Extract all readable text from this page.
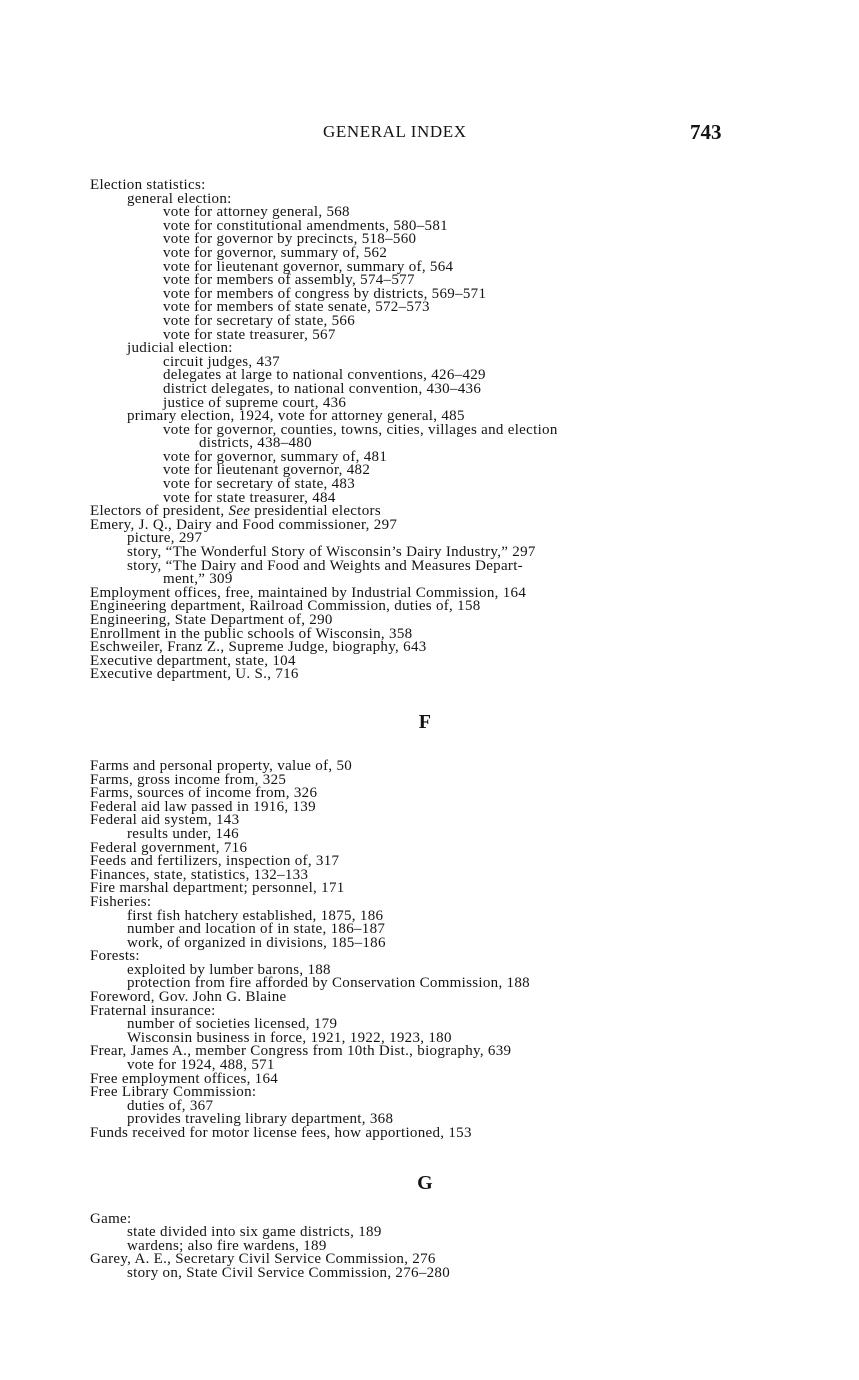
GENERAL INDEX	743
Election statistics:
general election:
vote for attorney general, 568
vote for constitutional amendments, 580–581
vote for governor by precincts, 518–560
vote for governor, summary of, 562
vote for lieutenant governor, summary of, 564
vote for members of assembly, 574–577
vote for members of congress by districts, 569–571
vote for members of state senate, 572–573
vote for secretary of state, 566
vote for state treasurer, 567
judicial election:
circuit judges, 437
delegates at large to national conventions, 426–429
district delegates, to national convention, 430–436
justice of supreme court, 436
primary election, 1924, vote for attorney general, 485
vote for governor, counties, towns, cities, villages and election
districts, 438–480
vote for governor, summary of, 481
vote for lieutenant governor, 482
vote for secretary of state, 483
vote for state treasurer, 484
Electors of president, See presidential electors
Emery, J. Q., Dairy and Food commissioner, 297
picture, 297
story, “The Wonderful Story of Wisconsin’s Dairy Industry,” 297
story, “The Dairy and Food and Weights and Measures Depart-
ment,” 309
Employment offices, free, maintained by Industrial Commission, 164
Engineering department, Railroad Commission, duties of, 158
Engineering, State Department of, 290
Enrollment in the public schools of Wisconsin, 358
Eschweiler, Franz Z., Supreme Judge, biography, 643
Executive department, state, 104
Executive department, U. S., 716
F
Farms and personal property, value of, 50
Farms, gross income from, 325
Farms, sources of income from, 326
Federal aid law passed in 1916, 139
Federal aid system, 143
results under, 146
Federal government, 716
Feeds and fertilizers, inspection of, 317
Finances, state, statistics, 132–133
Fire marshal department; personnel, 171
Fisheries:
first fish hatchery established, 1875, 186
number and location of in state, 186–187
work, of organized in divisions, 185–186
Forests:
exploited by lumber barons, 188
protection from fire afforded by Conservation Commission, 188
Foreword, Gov. John G. Blaine
Fraternal insurance:
number of societies licensed, 179
Wisconsin business in force, 1921, 1922, 1923, 180
Frear, James A., member Congress from 10th Dist., biography, 639
vote for 1924, 488, 571
Free employment offices, 164
Free Library Commission:
duties of, 367
provides traveling library department, 368
Funds received for motor license fees, how apportioned, 153
G
Game:
state divided into six game districts, 189
wardens; also fire wardens, 189
Garey, A. E., Secretary Civil Service Commission, 276
story on, State Civil Service Commission, 276–280
